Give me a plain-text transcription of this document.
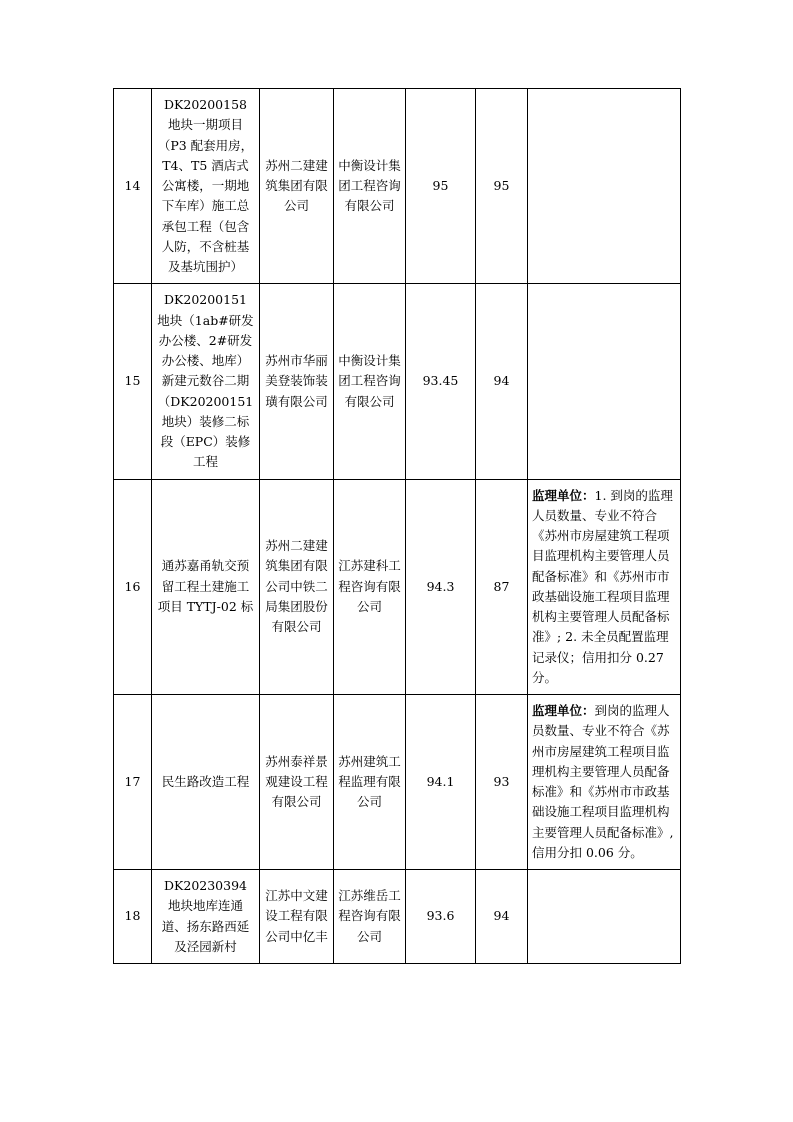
14	DK20200158 地块一期项目（P3 配套用房，T4、T5 酒店式公寓楼，一期地下车库）施工总承包工程（包含人防，不含桩基及基坑围护）	苏州二建建筑集团有限公司	中衡设计集团工程咨询有限公司	95	95	
15	DK20200151 地块（1ab#研发办公楼、2#研发办公楼、地库）新建元数谷二期（DK20200151 地块）装修二标段（EPC）装修工程	苏州市华丽美登装饰装璜有限公司	中衡设计集团工程咨询有限公司	93.45	94	
16	通苏嘉甬轨交预留工程土建施工项目 TYTJ-02 标	苏州二建建筑集团有限公司中铁二局集团股份有限公司	江苏建科工程咨询有限公司	94.3	87	监理单位：1. 到岗的监理人员数量、专业不符合《苏州市房屋建筑工程项目监理机构主要管理人员配备标准》和《苏州市市政基础设施工程项目监理机构主要管理人员配备标准》; 2. 未全员配置监理记录仪；信用扣分 0.27 分。
17	民生路改造工程	苏州泰祥景观建设工程有限公司	苏州建筑工程监理有限公司	94.1	93	监理单位：到岗的监理人员数量、专业不符合《苏州市房屋建筑工程项目监理机构主要管理人员配备标准》和《苏州市市政基础设施工程项目监理机构主要管理人员配备标准》,信用分扣 0.06 分。
18	DK20230394 地块地库连通道、扬东路西延及泾园新村	江苏中文建设工程有限公司中亿丰	江苏维岳工程咨询有限公司	93.6	94	
